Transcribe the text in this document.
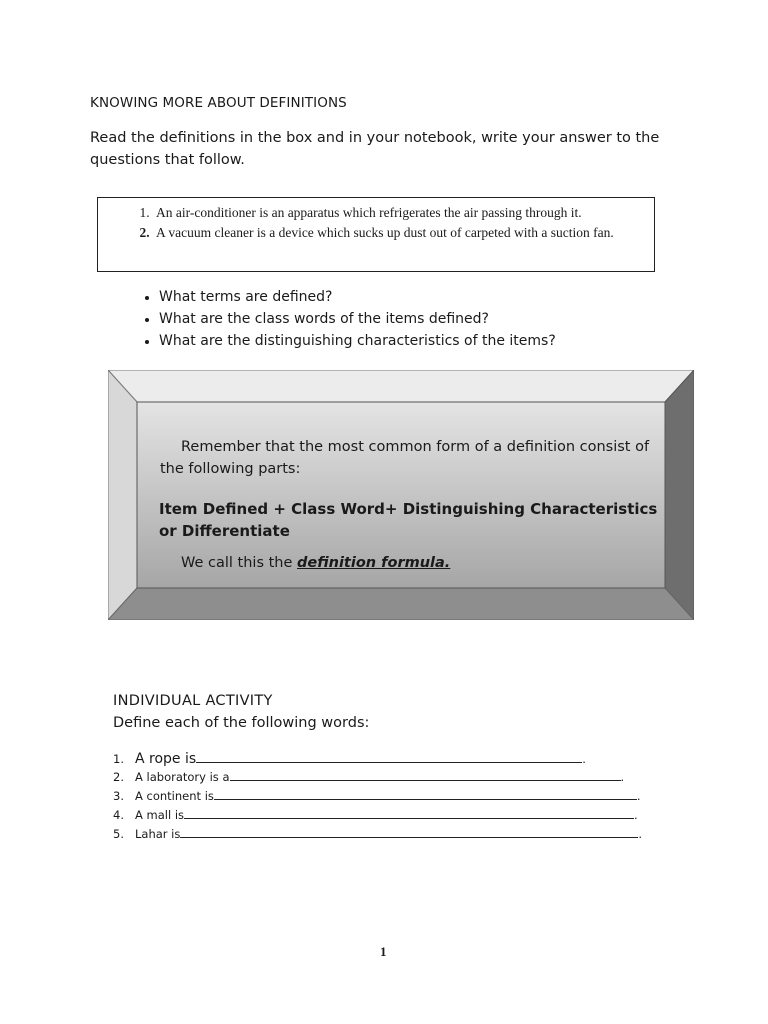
KNOWING MORE ABOUT DEFINITIONS
Read the definitions in the box and in your notebook, write your answer to the questions that follow.
1. An air-conditioner is an apparatus which refrigerates the air passing through it.
2. A vacuum cleaner is a device which sucks up dust out of carpeted with a suction fan.
• What terms are defined?
• What are the class words of the items defined?
• What are the distinguishing characteristics of the items?
Remember that the most common form of a definition consist of the following parts:
Item Defined + Class Word+ Distinguishing Characteristics or Differentiate
We call this the definition formula.
INDIVIDUAL ACTIVITY
Define each of the following words:
1. A rope is	.
2. A laboratory is a	.
3. A continent is	.
4. A mall is	.
5. Lahar is	.
1
